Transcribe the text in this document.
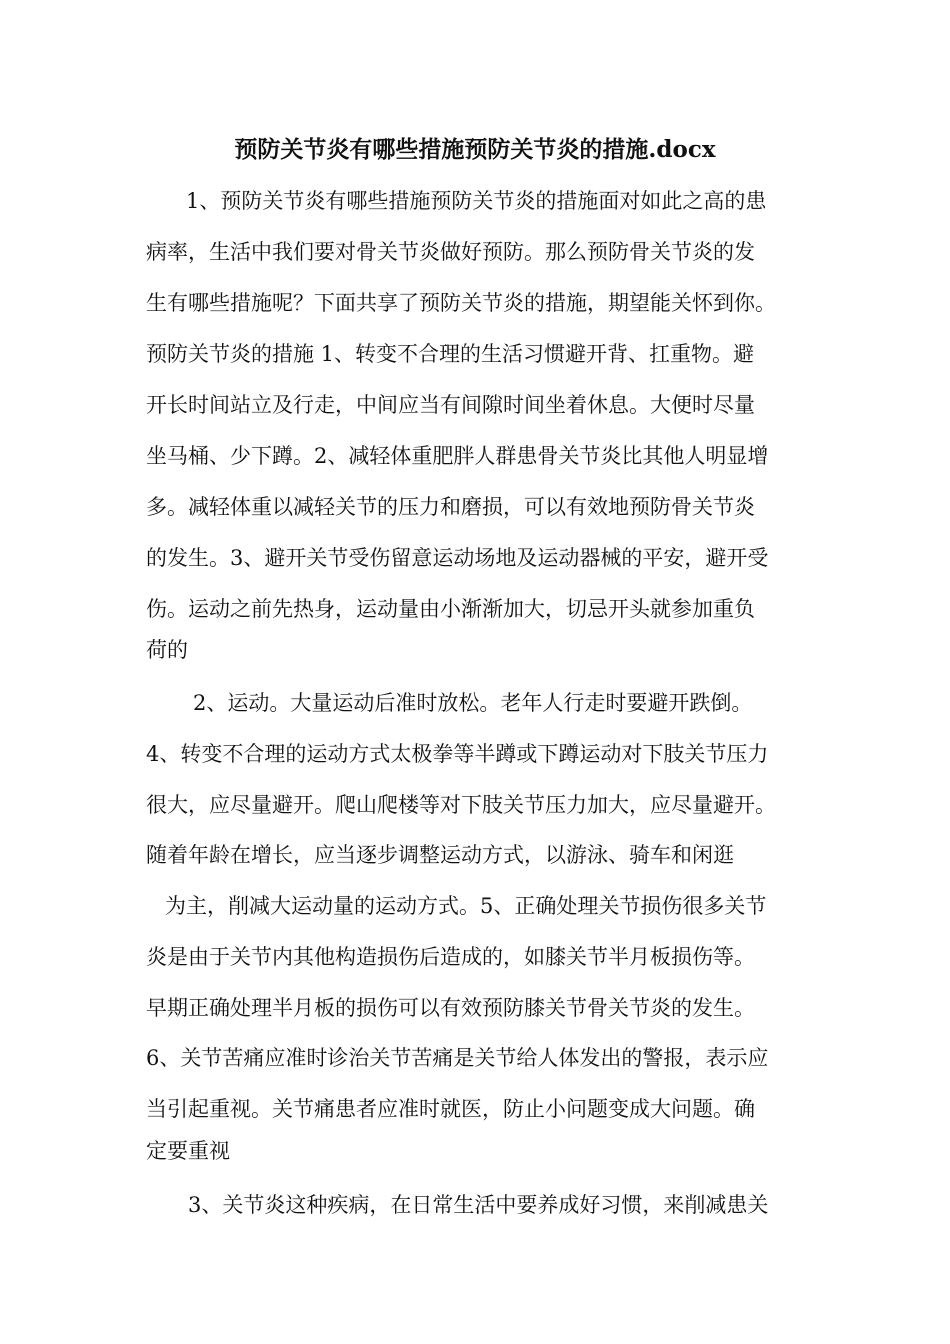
预防关节炎有哪些措施预防关节炎的措施.docx
1、预防关节炎有哪些措施预防关节炎的措施面对如此之高的患
病率，生活中我们要对骨关节炎做好预防。那么预防骨关节炎的发
生有哪些措施呢？下面共享了预防关节炎的措施，期望能关怀到你。
预防关节炎的措施 1、转变不合理的生活习惯避开背、扛重物。避
开长时间站立及行走，中间应当有间隙时间坐着休息。大便时尽量
坐马桶、少下蹲。2、减轻体重肥胖人群患骨关节炎比其他人明显增
多。减轻体重以减轻关节的压力和磨损，可以有效地预防骨关节炎
的发生。3、避开关节受伤留意运动场地及运动器械的平安，避开受
伤。运动之前先热身，运动量由小渐渐加大，切忌开头就参加重负
荷的
2、运动。大量运动后准时放松。老年人行走时要避开跌倒。
4、转变不合理的运动方式太极拳等半蹲或下蹲运动对下肢关节压力
很大，应尽量避开。爬山爬楼等对下肢关节压力加大，应尽量避开。
随着年龄在增长，应当逐步调整运动方式，以游泳、骑车和闲逛
为主，削减大运动量的运动方式。5、正确处理关节损伤很多关节
炎是由于关节内其他构造损伤后造成的，如膝关节半月板损伤等。
早期正确处理半月板的损伤可以有效预防膝关节骨关节炎的发生。
6、关节苦痛应准时诊治关节苦痛是关节给人体发出的警报，表示应
当引起重视。关节痛患者应准时就医，防止小问题变成大问题。确
定要重视
3、关节炎这种疾病，在日常生活中要养成好习惯，来削减患关
